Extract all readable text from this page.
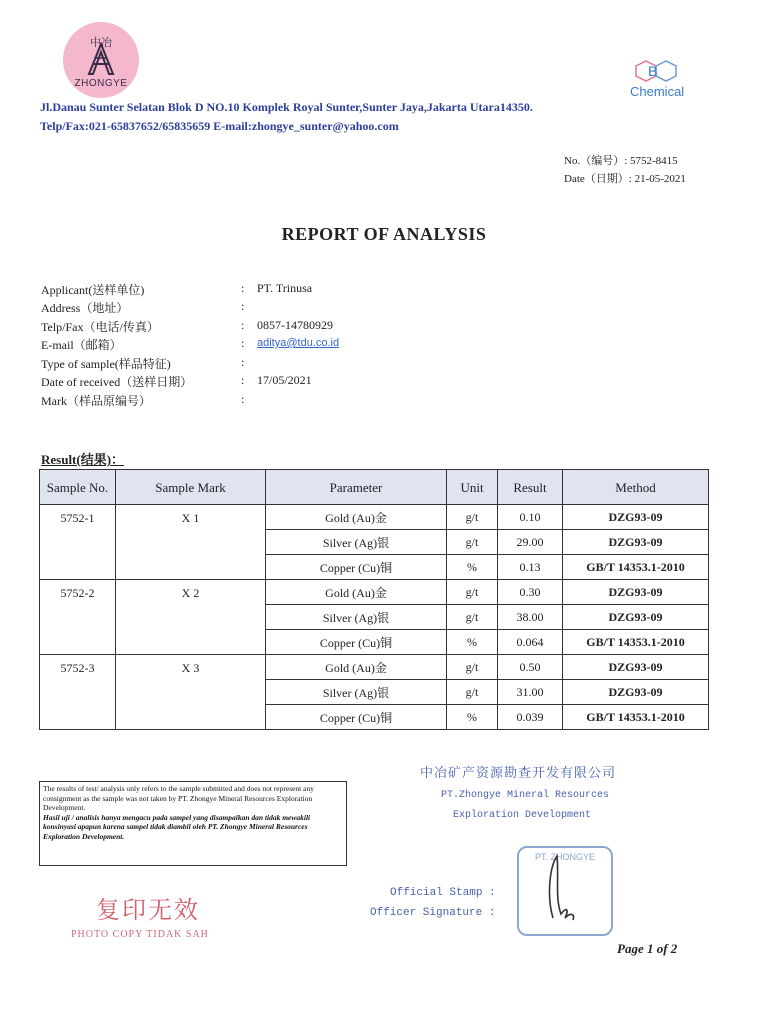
中冶
ZHONGYE
B
Chemical
Jl.Danau Sunter Selatan Blok D NO.10 Komplek Royal Sunter,Sunter Jaya,Jakarta Utara14350.
Telp/Fax:021-65837652/65835659 E-mail:zhongye_sunter@yahoo.com
No.（编号）: 5752-8415
Date（日期）: 21-05-2021
REPORT OF ANALYSIS
Applicant(送样单位)	: PT. Trinusa
Address（地址）	:
Telp/Fax（电话/传真）	: 0857-14780929
E-mail（邮箱）	: aditya@tdu.co.id
Type of sample(样品特征)	:
Date of received（送样日期）	: 17/05/2021
Mark（样品原编号）	:
Result(结果)：
Sample No.	Sample Mark	Parameter	Unit	Result	Method
5752-1	X 1	Gold (Au)金	g/t	0.10	DZG93-09
		Silver (Ag)银	g/t	29.00	DZG93-09
		Copper (Cu)铜	%	0.13	GB/T 14353.1-2010
5752-2	X 2	Gold (Au)金	g/t	0.30	DZG93-09
		Silver (Ag)银	g/t	38.00	DZG93-09
		Copper (Cu)铜	%	0.064	GB/T 14353.1-2010
5752-3	X 3	Gold (Au)金	g/t	0.50	DZG93-09
		Silver (Ag)银	g/t	31.00	DZG93-09
		Copper (Cu)铜	%	0.039	GB/T 14353.1-2010
中冶矿产资源勘查开发有限公司
PT.Zhongye Mineral Resources
Exploration Development
The results of test/ analysis only refers to the sample submitted and does not represent any consignment as the sample was not taken by PT. Zhongye Mineral Resources Exploration Development.
Hasil uji / analisis hanya mengacu pada sampel yang disampaikan dan tidak mewakili konsinyasi apapun karena sampel tidak diambil oleh PT. Zhongye Mineral Resources Exploration Development.
复印无效
PHOTO COPY TIDAK SAH
Official Stamp :
Officer Signature :
PT. ZHONGYE
Page 1 of 2
